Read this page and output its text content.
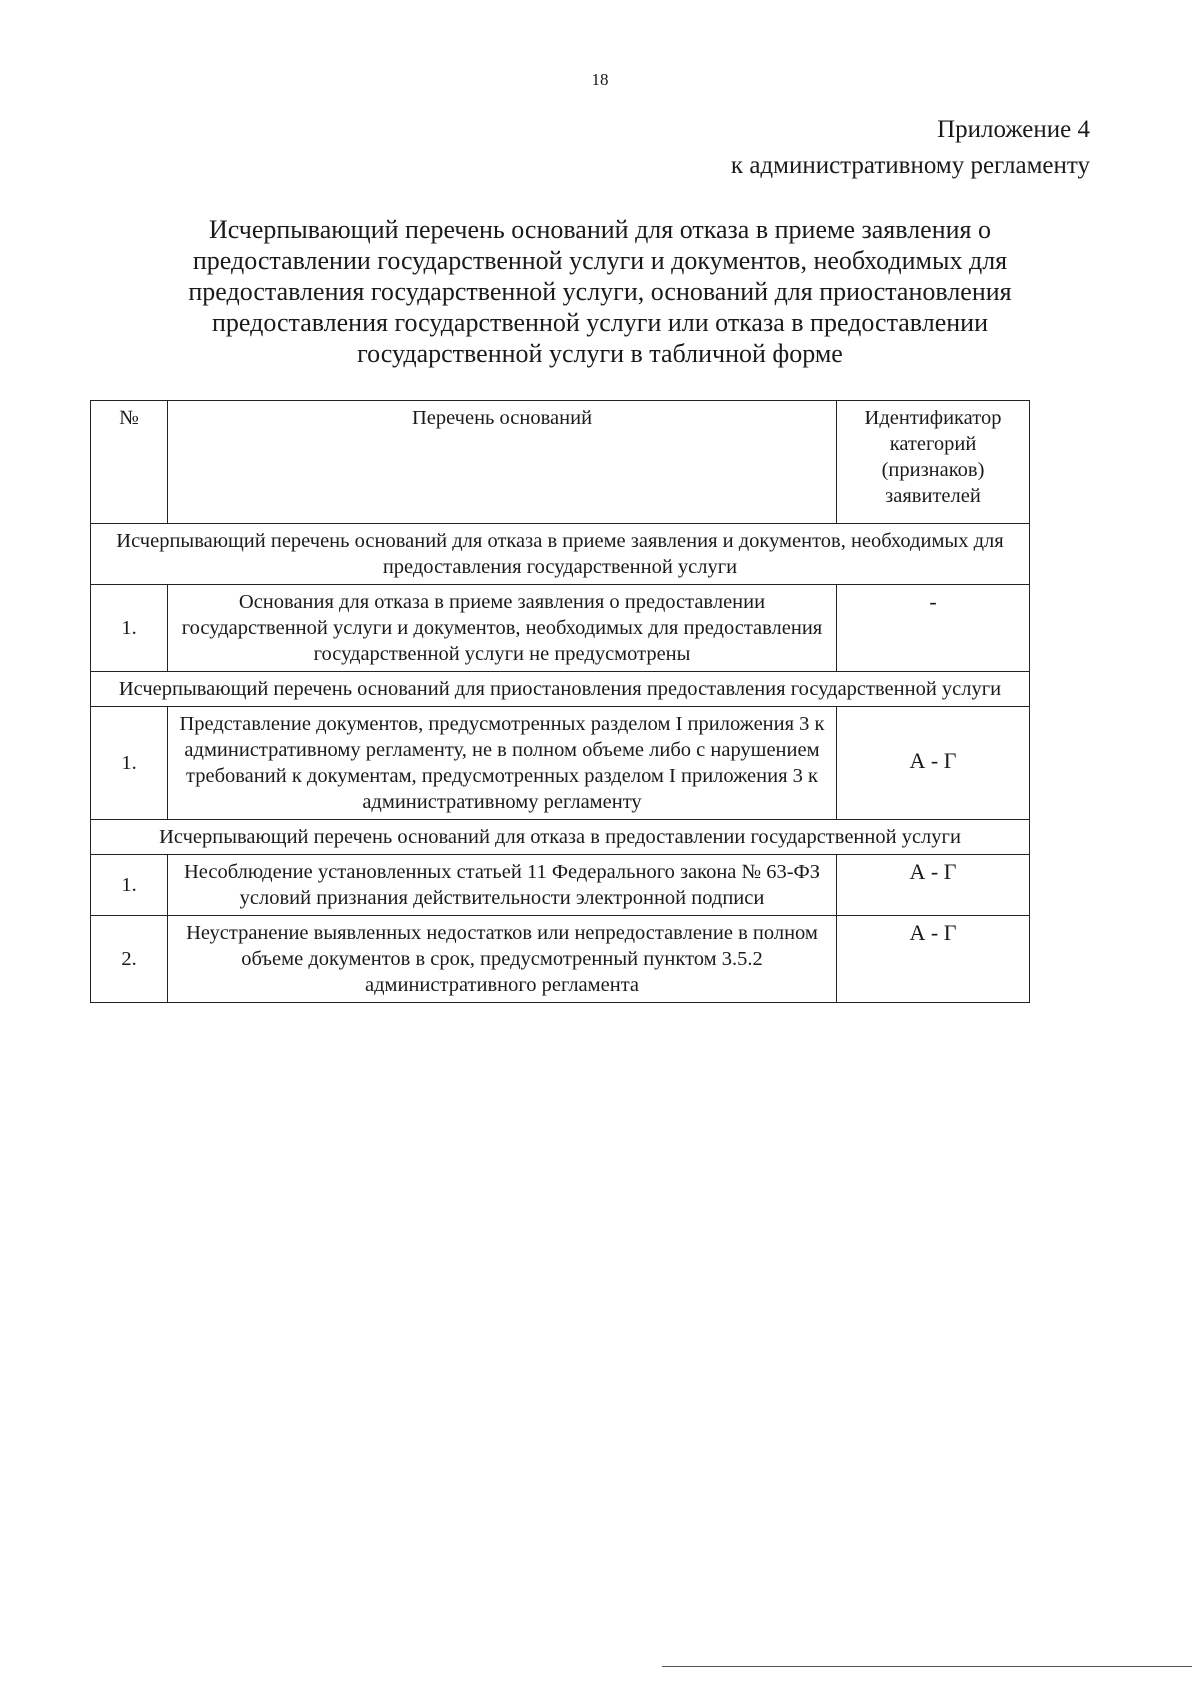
18
Приложение 4
к административному регламенту
Исчерпывающий перечень оснований для отказа в приеме заявления о предоставлении государственной услуги и документов, необходимых для предоставления государственной услуги, оснований для приостановления предоставления государственной услуги или отказа в предоставлении государственной услуги в табличной форме
№	Перечень оснований	Идентификатор категорий (признаков) заявителей
Исчерпывающий перечень оснований для отказа в приеме заявления и документов, необходимых для предоставления государственной услуги		
1.	Основания для отказа в приеме заявления о предоставлении государственной услуги и документов, необходимых для предоставления государственной услуги не предусмотрены	-
Исчерпывающий перечень оснований для приостановления предоставления государственной услуги		
1.	Представление документов, предусмотренных разделом I приложения 3 к административному регламенту, не в полном объеме либо с нарушением требований к документам, предусмотренных разделом I приложения 3 к административному регламенту	А - Г
Исчерпывающий перечень оснований для отказа в предоставлении государственной услуги		
1.	Несоблюдение установленных статьей 11 Федерального закона № 63-ФЗ условий признания действительности электронной подписи	А - Г
2.	Неустранение выявленных недостатков или непредоставление в полном объеме документов в срок, предусмотренный пунктом 3.5.2 административного регламента	А - Г
